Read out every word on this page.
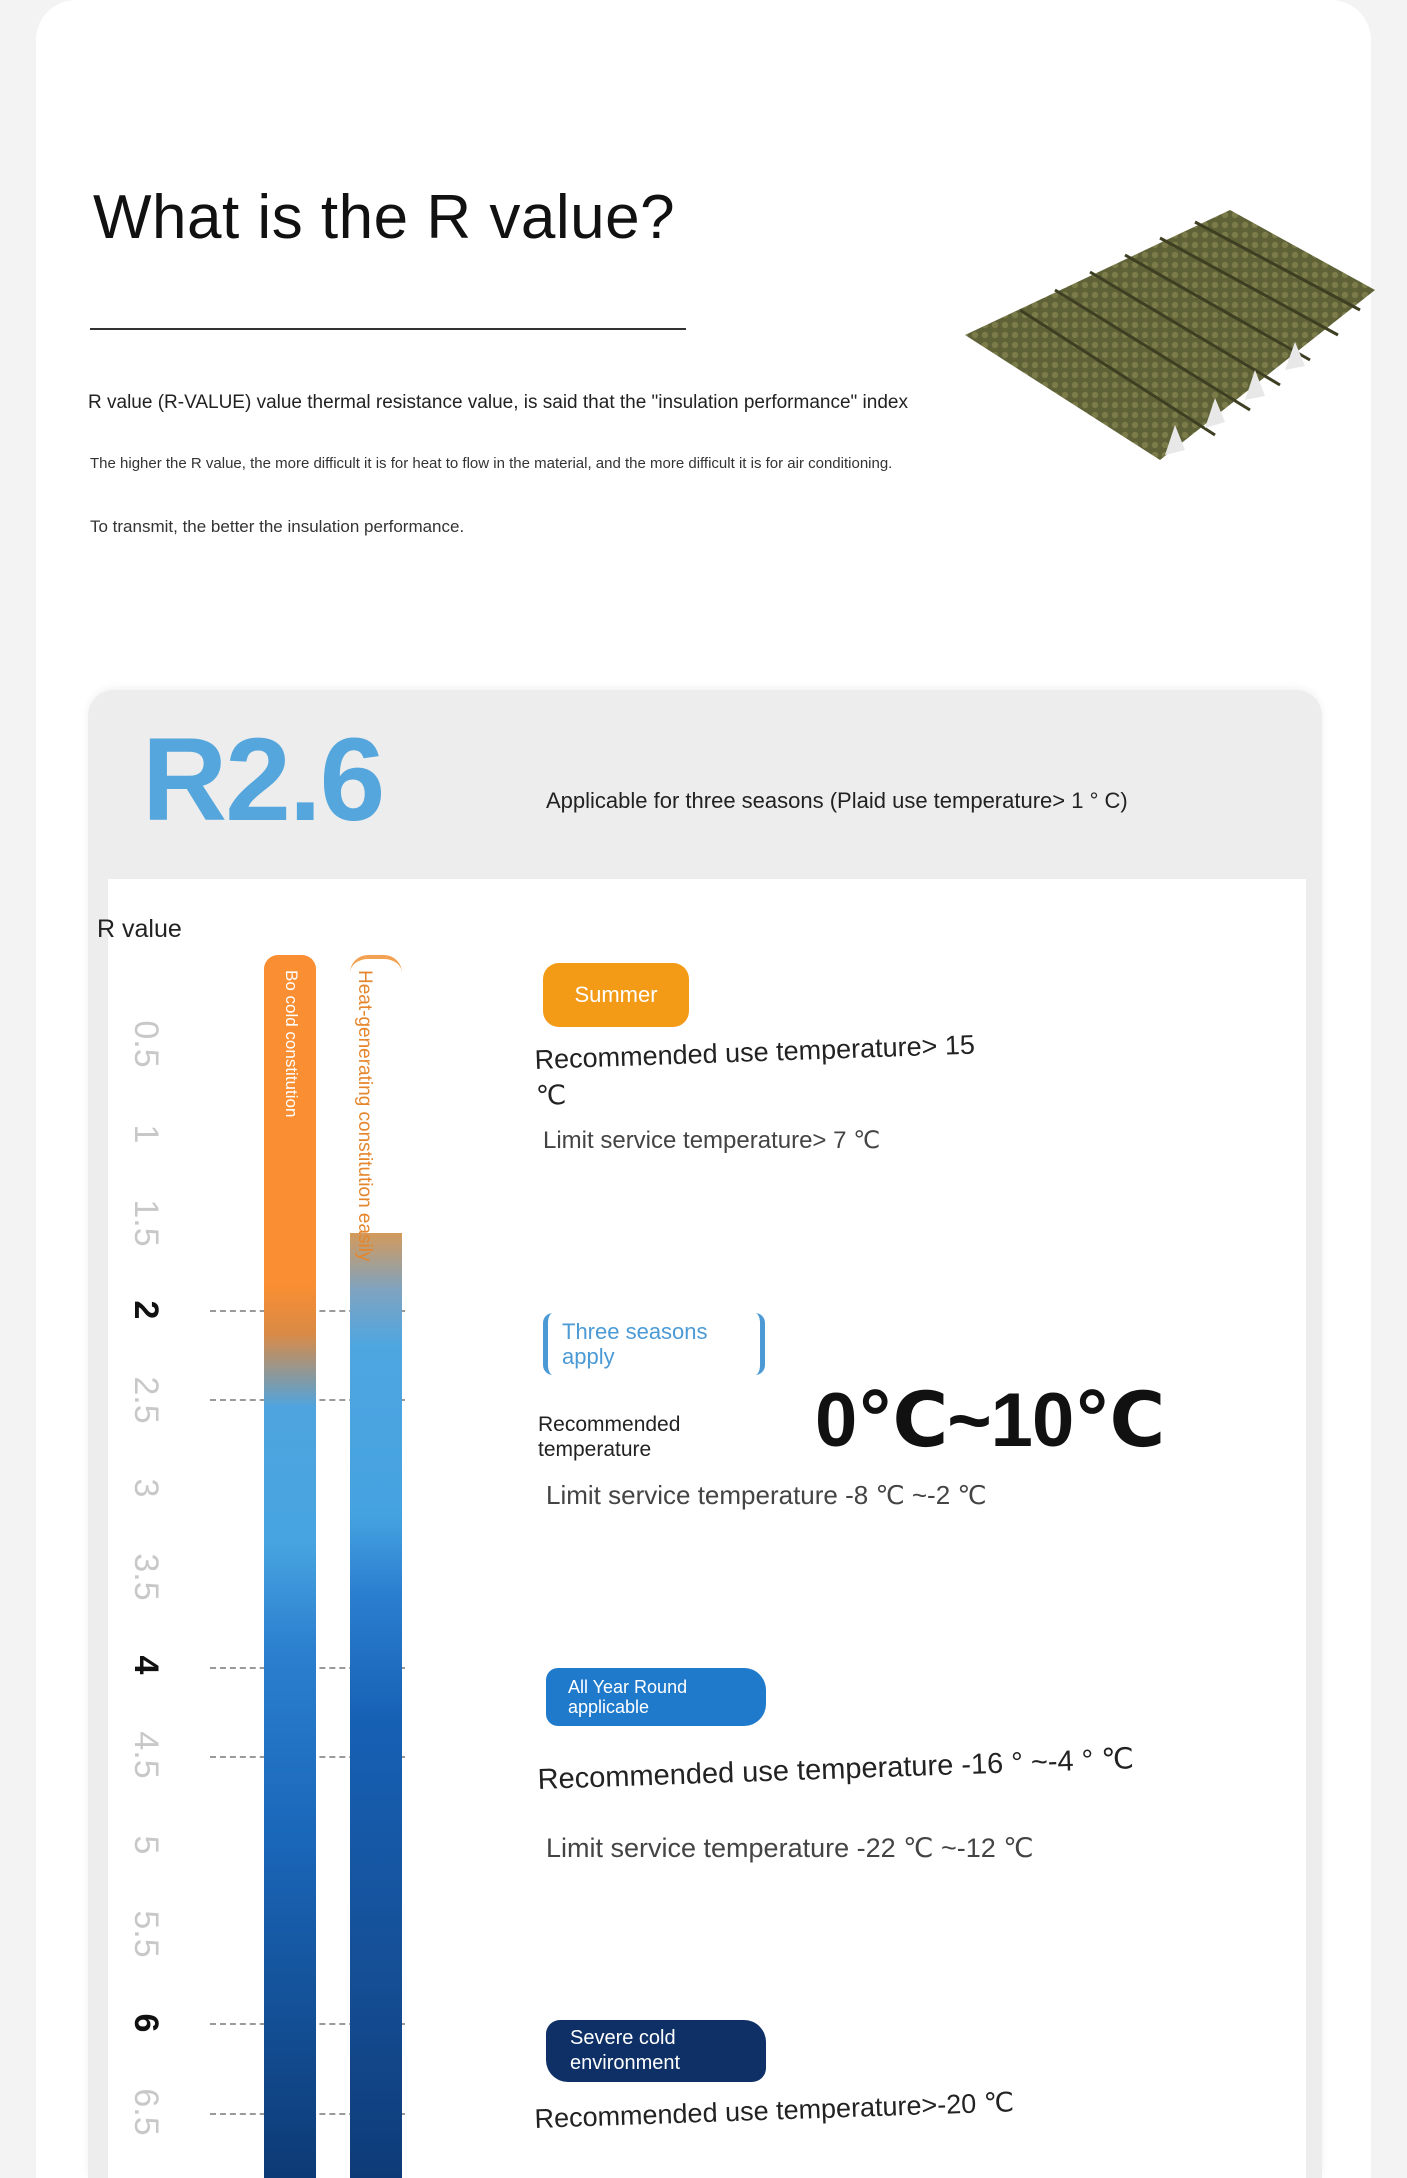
What is the R value?
R value (R-VALUE) value thermal resistance value, is said that the "insulation performance" index
The higher the R value, the more difficult it is for heat to flow in the material, and the more difficult it is for air conditioning.
To transmit, the better the insulation performance.
R2.6	Applicable for three seasons (Plaid use temperature> 1 ° C)
R value
0.5
1
1.5
2
2.5
3
3.5
4
4.5
5
5.5
6
6.5
Bo cold constitution	Heat-generating constitution easily	Summer
Recommended use temperature> 15 ℃
Limit service temperature> 7 ℃
Three seasons apply
Recommended temperature	0℃~10℃
Limit service temperature -8 ℃ ~-2 ℃
All Year Round applicable
Recommended use temperature -16 ° ~-4 ° ℃
Limit service temperature -22 ℃ ~-12 ℃
Severe cold environment
Recommended use temperature>-20 ℃
